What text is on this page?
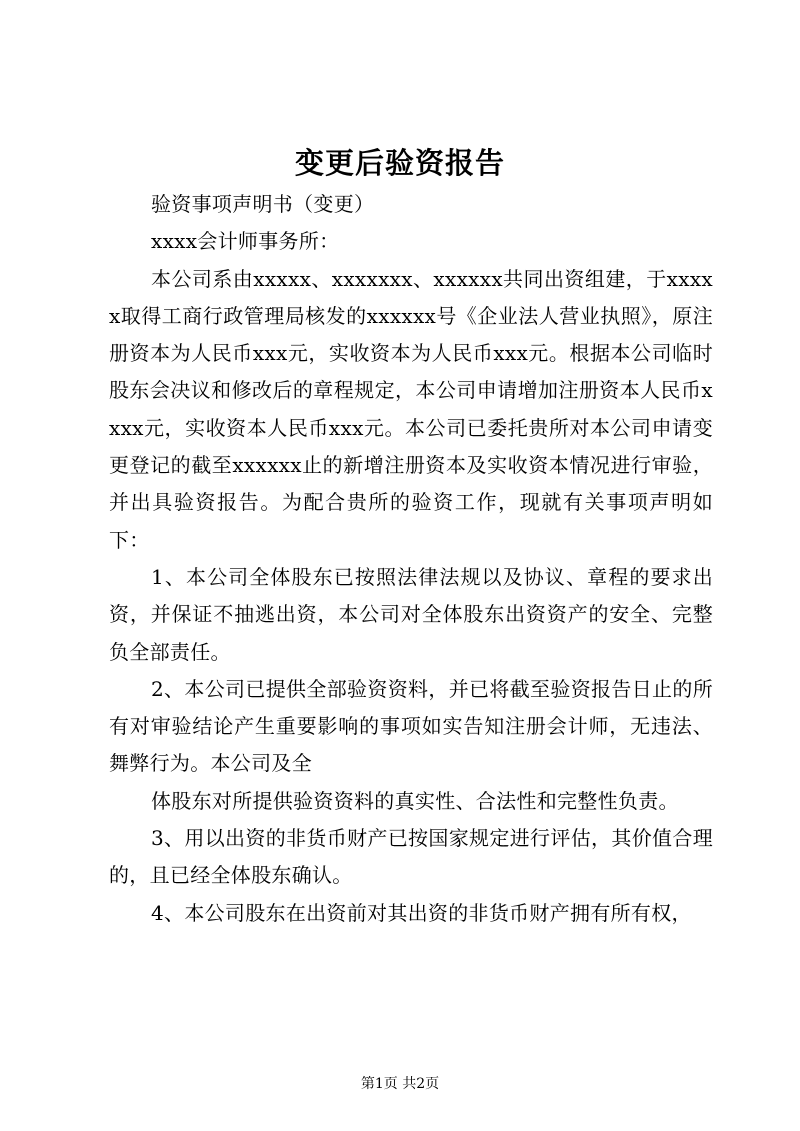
变更后验资报告

验资事项声明书（变更）

xxxx会计师事务所：

本公司系由xxxxx、xxxxxxx、xxxxxx共同出资组建，于xxxxx取得工商行政管理局核发的xxxxxx号《企业法人营业执照》，原注册资本为人民币xxx元，实收资本为人民币xxx元。根据本公司临时股东会决议和修改后的章程规定，本公司申请增加注册资本人民币xxxx元，实收资本人民币xxx元。本公司已委托贵所对本公司申请变更登记的截至xxxxxx止的新增注册资本及实收资本情况进行审验，并出具验资报告。为配合贵所的验资工作，现就有关事项声明如下：

1、本公司全体股东已按照法律法规以及协议、章程的要求出资，并保证不抽逃出资，本公司对全体股东出资资产的安全、完整负全部责任。

2、本公司已提供全部验资资料，并已将截至验资报告日止的所有对审验结论产生重要影响的事项如实告知注册会计师，无违法、舞弊行为。本公司及全

体股东对所提供验资资料的真实性、合法性和完整性负责。

3、用以出资的非货币财产已按国家规定进行评估，其价值合理的，且已经全体股东确认。

4、本公司股东在出资前对其出资的非货币财产拥有所有权，

第1页 共2页
